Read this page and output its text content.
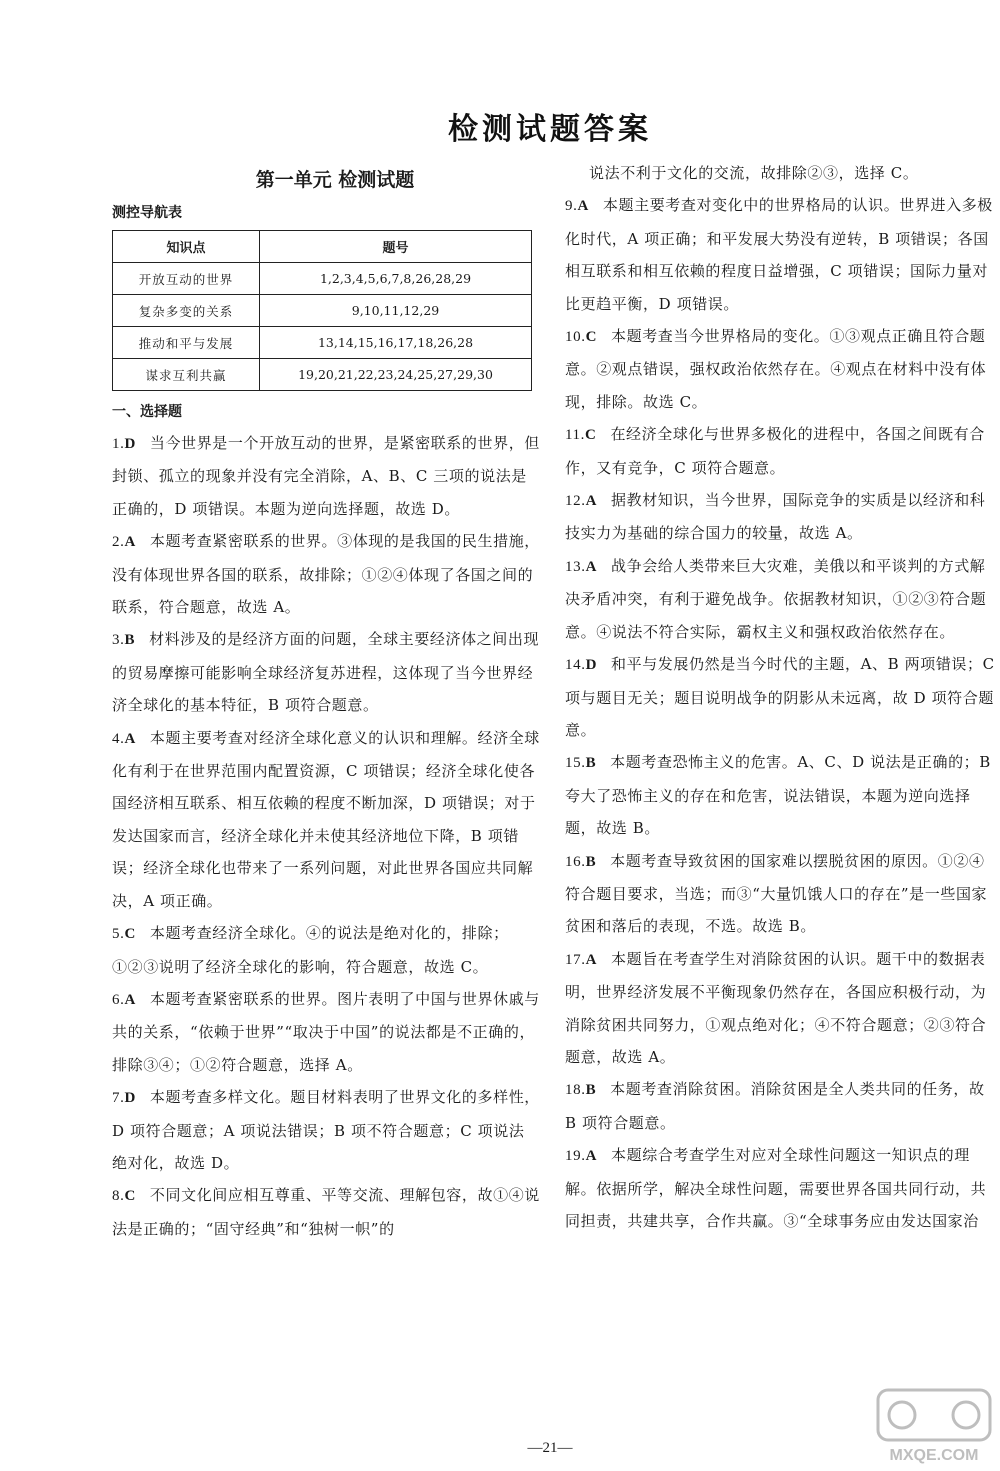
检测试题答案
第一单元 检测试题
测控导航表
知识点	题号
开放互动的世界	1,2,3,4,5,6,7,8,26,28,29
复杂多变的关系	9,10,11,12,29
推动和平与发展	13,14,15,16,17,18,26,28
谋求互利共赢	19,20,21,22,23,24,25,27,29,30
一、选择题

1.D 当今世界是一个开放互动的世界，是紧密联系的世界，但封锁、孤立的现象并没有完全消除，A、B、C 三项的说法是正确的，D 项错误。本题为逆向选择题，故选 D。

2.A 本题考查紧密联系的世界。③体现的是我国的民生措施，没有体现世界各国的联系，故排除；①②④体现了各国之间的联系，符合题意，故选 A。

3.B 材料涉及的是经济方面的问题，全球主要经济体之间出现的贸易摩擦可能影响全球经济复苏进程，这体现了当今世界经济全球化的基本特征，B 项符合题意。

4.A 本题主要考查对经济全球化意义的认识和理解。经济全球化有利于在世界范围内配置资源，C 项错误；经济全球化使各国经济相互联系、相互依赖的程度不断加深，D 项错误；对于发达国家而言，经济全球化并未使其经济地位下降，B 项错误；经济全球化也带来了一系列问题，对此世界各国应共同解决，A 项正确。

5.C 本题考查经济全球化。④的说法是绝对化的，排除；①②③说明了经济全球化的影响，符合题意，故选 C。

6.A 本题考查紧密联系的世界。图片表明了中国与世界休戚与共的关系，“依赖于世界”“取决于中国”的说法都是不正确的，排除③④；①②符合题意，选择 A。

7.D 本题考查多样文化。题目材料表明了世界文化的多样性，D 项符合题意；A 项说法错误；B 项不符合题意；C 项说法绝对化，故选 D。

8.C 不同文化间应相互尊重、平等交流、理解包容，故①④说法是正确的；“固守经典”和“独树一帜”的

说法不利于文化的交流，故排除②③，选择 C。

9.A 本题主要考查对变化中的世界格局的认识。世界进入多极化时代，A 项正确；和平发展大势没有逆转，B 项错误；各国相互联系和相互依赖的程度日益增强，C 项错误；国际力量对比更趋平衡，D 项错误。

10.C 本题考查当今世界格局的变化。①③观点正确且符合题意。②观点错误，强权政治依然存在。④观点在材料中没有体现，排除。故选 C。

11.C 在经济全球化与世界多极化的进程中，各国之间既有合作，又有竞争，C 项符合题意。

12.A 据教材知识，当今世界，国际竞争的实质是以经济和科技实力为基础的综合国力的较量，故选 A。

13.A 战争会给人类带来巨大灾难，美俄以和平谈判的方式解决矛盾冲突，有利于避免战争。依据教材知识，①②③符合题意。④说法不符合实际，霸权主义和强权政治依然存在。

14.D 和平与发展仍然是当今时代的主题，A、B 两项错误；C 项与题目无关；题目说明战争的阴影从未远离，故 D 项符合题意。

15.B 本题考查恐怖主义的危害。A、C、D 说法是正确的；B 夸大了恐怖主义的存在和危害，说法错误，本题为逆向选择题，故选 B。

16.B 本题考查导致贫困的国家难以摆脱贫困的原因。①②④符合题目要求，当选；而③“大量饥饿人口的存在”是一些国家贫困和落后的表现，不选。故选 B。

17.A 本题旨在考查学生对消除贫困的认识。题干中的数据表明，世界经济发展不平衡现象仍然存在，各国应积极行动，为消除贫困共同努力，①观点绝对化；④不符合题意；②③符合题意，故选 A。

18.B 本题考查消除贫困。消除贫困是全人类共同的任务，故 B 项符合题意。

19.A 本题综合考查学生对应对全球性问题这一知识点的理解。依据所学，解决全球性问题，需要世界各国共同行动，共同担责，共建共享，合作共赢。③“全球事务应由发达国家治

—21—	MXQE.COM
